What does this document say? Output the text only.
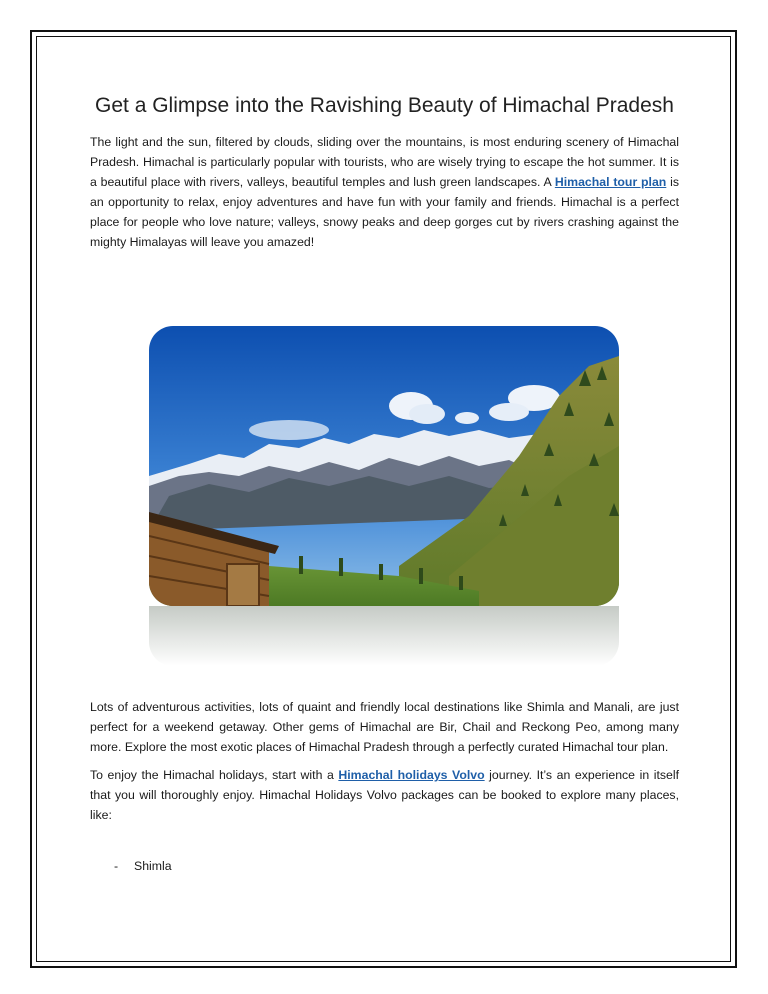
Get a Glimpse into the Ravishing Beauty of Himachal Pradesh

The light and the sun, filtered by clouds, sliding over the mountains, is most enduring scenery of Himachal Pradesh. Himachal is particularly popular with tourists, who are wisely trying to escape the hot summer. It is a beautiful place with rivers, valleys, beautiful temples and lush green landscapes. A Himachal tour plan is an opportunity to relax, enjoy adventures and have fun with your family and friends. Himachal is a perfect place for people who love nature; valleys, snowy peaks and deep gorges cut by rivers crashing against the mighty Himalayas will leave you amazed!

Lots of adventurous activities, lots of quaint and friendly local destinations like Shimla and Manali, are just perfect for a weekend getaway. Other gems of Himachal are Bir, Chail and Reckong Peo, among many more. Explore the most exotic places of Himachal Pradesh through a perfectly curated Himachal tour plan.

To enjoy the Himachal holidays, start with a Himachal holidays Volvo journey. It’s an experience in itself that you will thoroughly enjoy. Himachal Holidays Volvo packages can be booked to explore many places, like:

- Shimla
